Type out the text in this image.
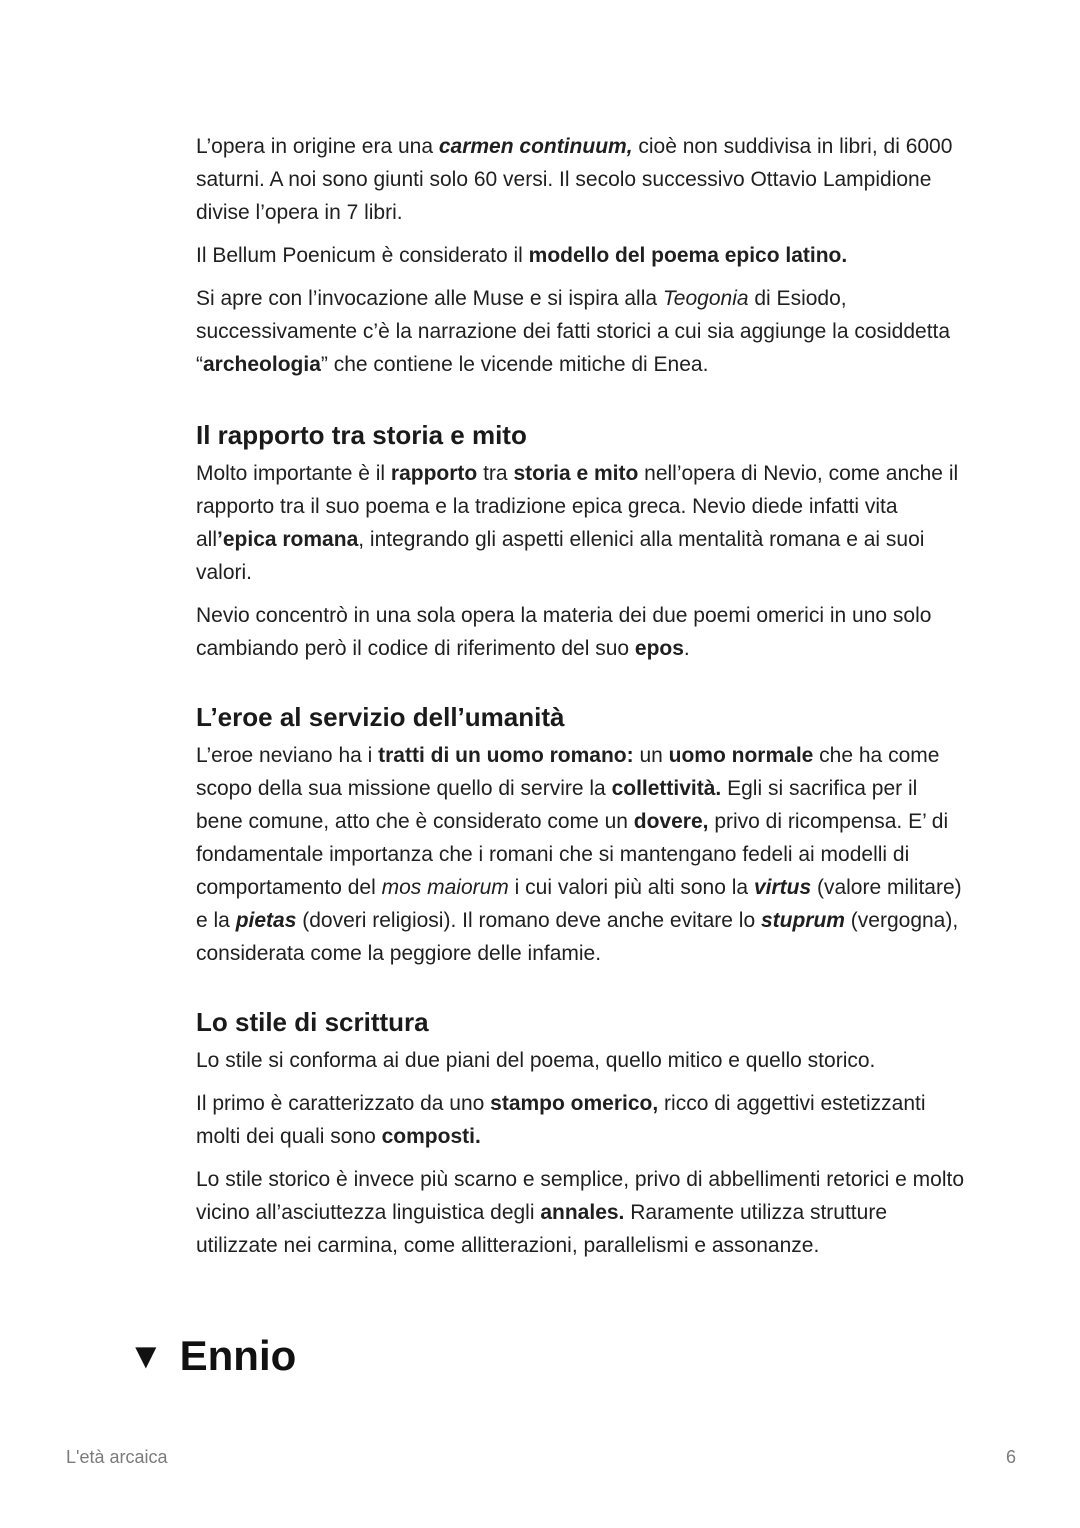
L’opera in origine era una carmen continuum, cioè non suddivisa in libri, di 6000 saturni. A noi sono giunti solo 60 versi. Il secolo successivo Ottavio Lampidione divise l’opera in 7 libri.

Il Bellum Poenicum è considerato il modello del poema epico latino.

Si apre con l’invocazione alle Muse e si ispira alla Teogonia di Esiodo, successivamente c’è la narrazione dei fatti storici a cui sia aggiunge la cosiddetta “archeologia” che contiene le vicende mitiche di Enea.

Il rapporto tra storia e mito

Molto importante è il rapporto tra storia e mito nell’opera di Nevio, come anche il rapporto tra il suo poema e la tradizione epica greca. Nevio diede infatti vita all’epica romana, integrando gli aspetti ellenici alla mentalità romana e ai suoi valori.

Nevio concentrò in una sola opera la materia dei due poemi omerici in uno solo cambiando però il codice di riferimento del suo epos.

L’eroe al servizio dell’umanità

L’eroe neviano ha i tratti di un uomo romano: un uomo normale che ha come scopo della sua missione quello di servire la collettività. Egli si sacrifica per il bene comune, atto che è considerato come un dovere, privo di ricompensa. E’ di fondamentale importanza che i romani che si mantengano fedeli ai modelli di comportamento del mos maiorum i cui valori più alti sono la virtus (valore militare) e la pietas (doveri religiosi). Il romano deve anche evitare lo stuprum (vergogna), considerata come la peggiore delle infamie.

Lo stile di scrittura

Lo stile si conforma ai due piani del poema, quello mitico e quello storico.

Il primo è caratterizzato da uno stampo omerico, ricco di aggettivi estetizzanti molti dei quali sono composti.

Lo stile storico è invece più scarno e semplice, privo di abbellimenti retorici e molto vicino all’asciuttezza linguistica degli annales. Raramente utilizza strutture utilizzate nei carmina, come allitterazioni, parallelismi e assonanze.

▼ Ennio
L'età arcaica	6
